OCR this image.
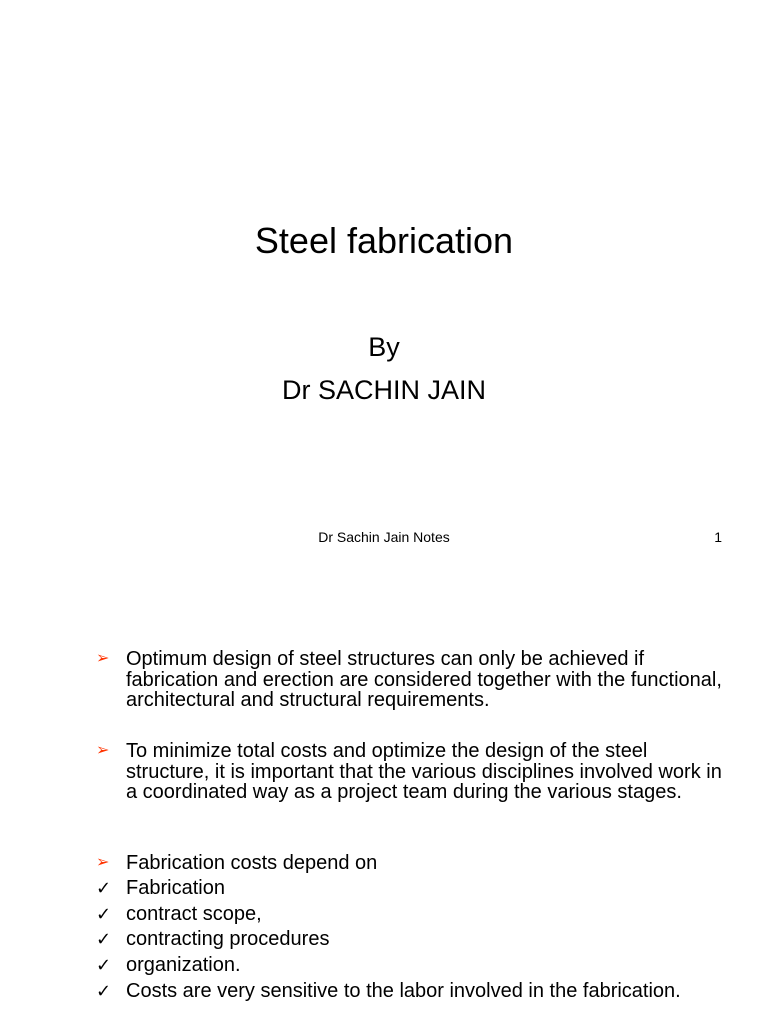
Steel fabrication
By
Dr SACHIN JAIN
Dr Sachin Jain Notes	1
➢ Optimum design of steel structures can only be achieved if fabrication and erection are considered together with the functional, architectural and structural requirements.
➢ To minimize total costs and optimize the design of the steel structure, it is important that the various disciplines involved work in a coordinated way as a project team during the various stages.
➢ Fabrication costs depend on
✓ Fabrication
✓ contract scope,
✓ contracting procedures
✓ organization.
✓ Costs are very sensitive to the labor involved in the fabrication.
